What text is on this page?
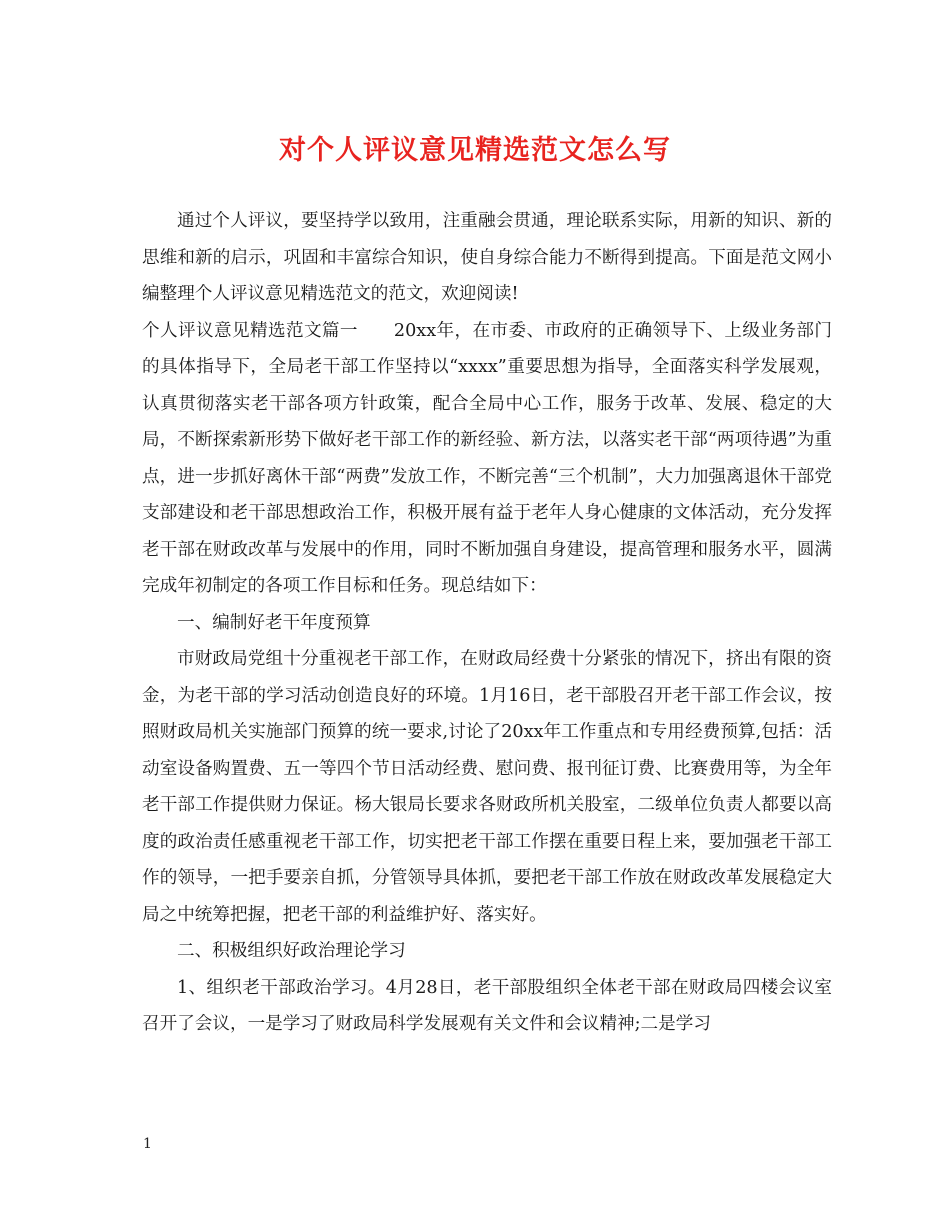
对个人评议意见精选范文怎么写

通过个人评议，要坚持学以致用，注重融会贯通，理论联系实际，用新的知识、新的思维和新的启示，巩固和丰富综合知识，使自身综合能力不断得到提高。下面是范文网小编整理个人评议意见精选范文的范文，欢迎阅读!

个人评议意见精选范文篇一　　20xx年，在市委、市政府的正确领导下、上级业务部门的具体指导下，全局老干部工作坚持以“xxxx”重要思想为指导，全面落实科学发展观，认真贯彻落实老干部各项方针政策，配合全局中心工作，服务于改革、发展、稳定的大局，不断探索新形势下做好老干部工作的新经验、新方法，以落实老干部“两项待遇”为重点，进一步抓好离休干部“两费”发放工作，不断完善“三个机制”，大力加强离退休干部党支部建设和老干部思想政治工作，积极开展有益于老年人身心健康的文体活动，充分发挥老干部在财政改革与发展中的作用，同时不断加强自身建设，提高管理和服务水平，圆满完成年初制定的各项工作目标和任务。现总结如下：

一、编制好老干年度预算

市财政局党组十分重视老干部工作，在财政局经费十分紧张的情况下，挤出有限的资金，为老干部的学习活动创造良好的环境。1月16日，老干部股召开老干部工作会议，按照财政局机关实施部门预算的统一要求,讨论了20xx年工作重点和专用经费预算,包括：活动室设备购置费、五一等四个节日活动经费、慰问费、报刊征订费、比赛费用等，为全年老干部工作提供财力保证。杨大银局长要求各财政所机关股室，二级单位负责人都要以高度的政治责任感重视老干部工作，切实把老干部工作摆在重要日程上来，要加强老干部工作的领导，一把手要亲自抓，分管领导具体抓，要把老干部工作放在财政改革发展稳定大局之中统筹把握，把老干部的利益维护好、落实好。

二、积极组织好政治理论学习

1、组织老干部政治学习。4月28日，老干部股组织全体老干部在财政局四楼会议室召开了会议，一是学习了财政局科学发展观有关文件和会议精神;二是学习

1
